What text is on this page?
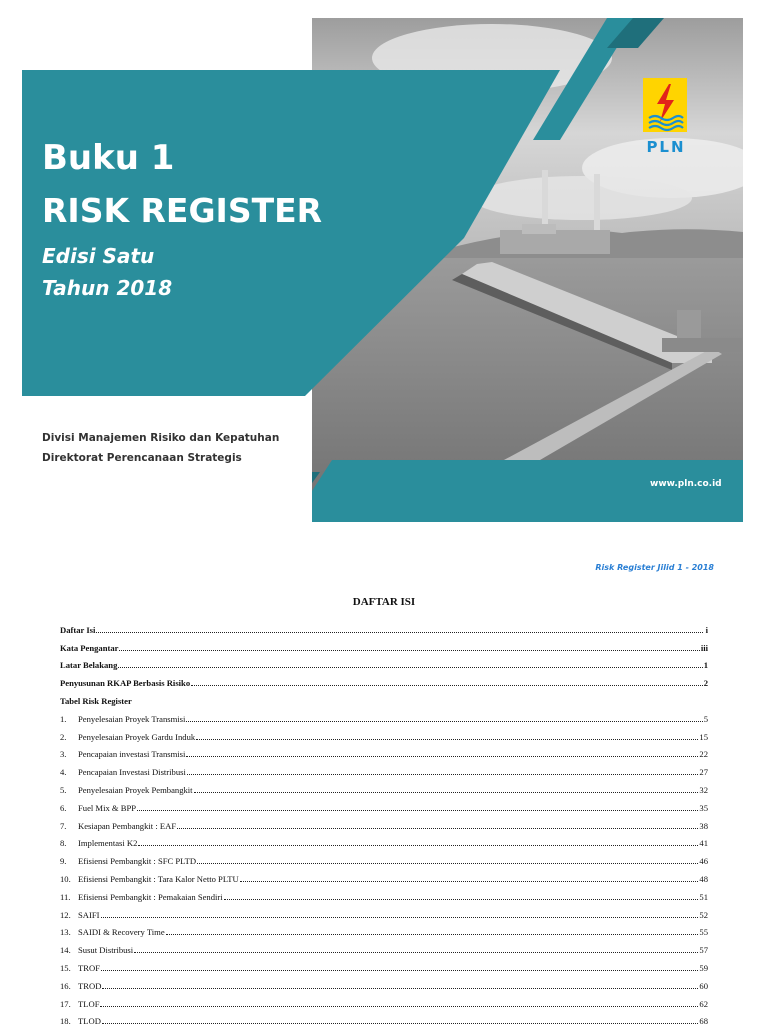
PLN
Buku 1
RISK REGISTER
Edisi Satu
Tahun 2018
Divisi Manajemen Risiko dan Kepatuhan
Direktorat Perencanaan Strategis
www.pln.co.id
Risk Register Jilid 1 - 2018
DAFTAR ISI
Daftar Isi	i
Kata Pengantar	iii
Latar Belakang	1
Penyusunan RKAP Berbasis Risiko	2
Tabel Risk Register
1. Penyelesaian Proyek Transmisi	5
2. Penyelesaian Proyek Gardu Induk	15
3. Pencapaian investasi Transmisi	22
4. Pencapaian Investasi Distribusi	27
5. Penyelesaian Proyek Pembangkit	32
6. Fuel Mix & BPP	35
7. Kesiapan Pembangkit : EAF	38
8. Implementasi K2	41
9. Efisiensi Pembangkit : SFC PLTD	46
10. Efisiensi Pembangkit : Tara Kalor Netto PLTU	48
11. Efisiensi Pembangkit : Pemakaian Sendiri	51
12. SAIFI	52
13. SAIDI & Recovery Time	55
14. Susut Distribusi	57
15. TROF	59
16. TROD	60
17. TLOF	62
18. TLOD	68
